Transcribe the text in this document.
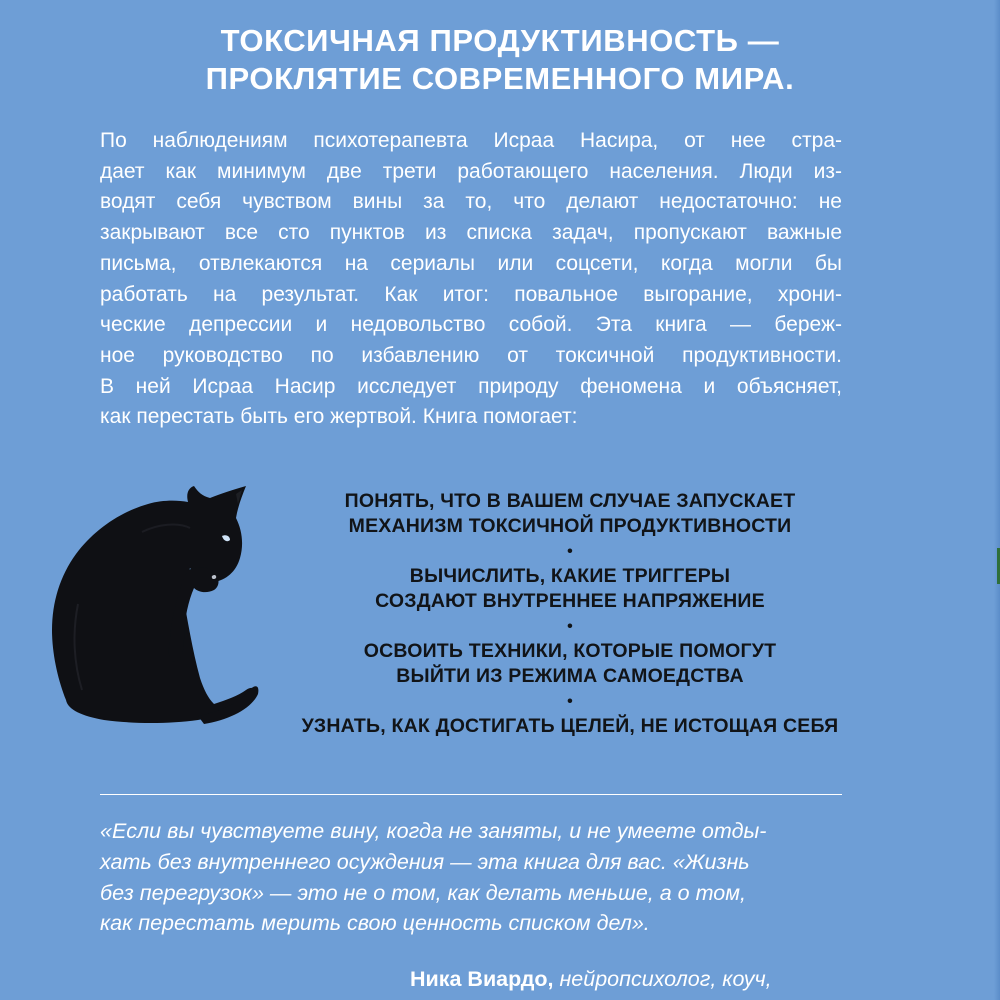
ТОКСИЧНАЯ ПРОДУКТИВНОСТЬ —
ПРОКЛЯТИЕ СОВРЕМЕННОГО МИРА.
По наблюдениям психотерапевта Исраа Насира, от нее стра-
дает как минимум две трети работающего населения. Люди из-
водят себя чувством вины за то, что делают недостаточно: не
закрывают все сто пунктов из списка задач, пропускают важные
письма, отвлекаются на сериалы или соцсети, когда могли бы
работать на результат. Как итог: повальное выгорание, хрони-
ческие депрессии и недовольство собой. Эта книга — береж-
ное руководство по избавлению от токсичной продуктивности.
В ней Исраа Насир исследует природу феномена и объясняет,
как перестать быть его жертвой. Книга помогает:
ПОНЯТЬ, ЧТО В ВАШЕМ СЛУЧАЕ ЗАПУСКАЕТ
МЕХАНИЗМ ТОКСИЧНОЙ ПРОДУКТИВНОСТИ
•
ВЫЧИСЛИТЬ, КАКИЕ ТРИГГЕРЫ
СОЗДАЮТ ВНУТРЕННЕЕ НАПРЯЖЕНИЕ
•
ОСВОИТЬ ТЕХНИКИ, КОТОРЫЕ ПОМОГУТ
ВЫЙТИ ИЗ РЕЖИМА САМОЕДСТВА
•
УЗНАТЬ, КАК ДОСТИГАТЬ ЦЕЛЕЙ, НЕ ИСТОЩАЯ СЕБЯ
«Если вы чувствуете вину, когда не заняты, и не умеете отды-
хать без внутреннего осуждения — эта книга для вас. «Жизнь
без перегрузок» — это не о том, как делать меньше, а о том,
как перестать мерить свою ценность списком дел».
Ника Виардо, нейропсихолог, коуч,
